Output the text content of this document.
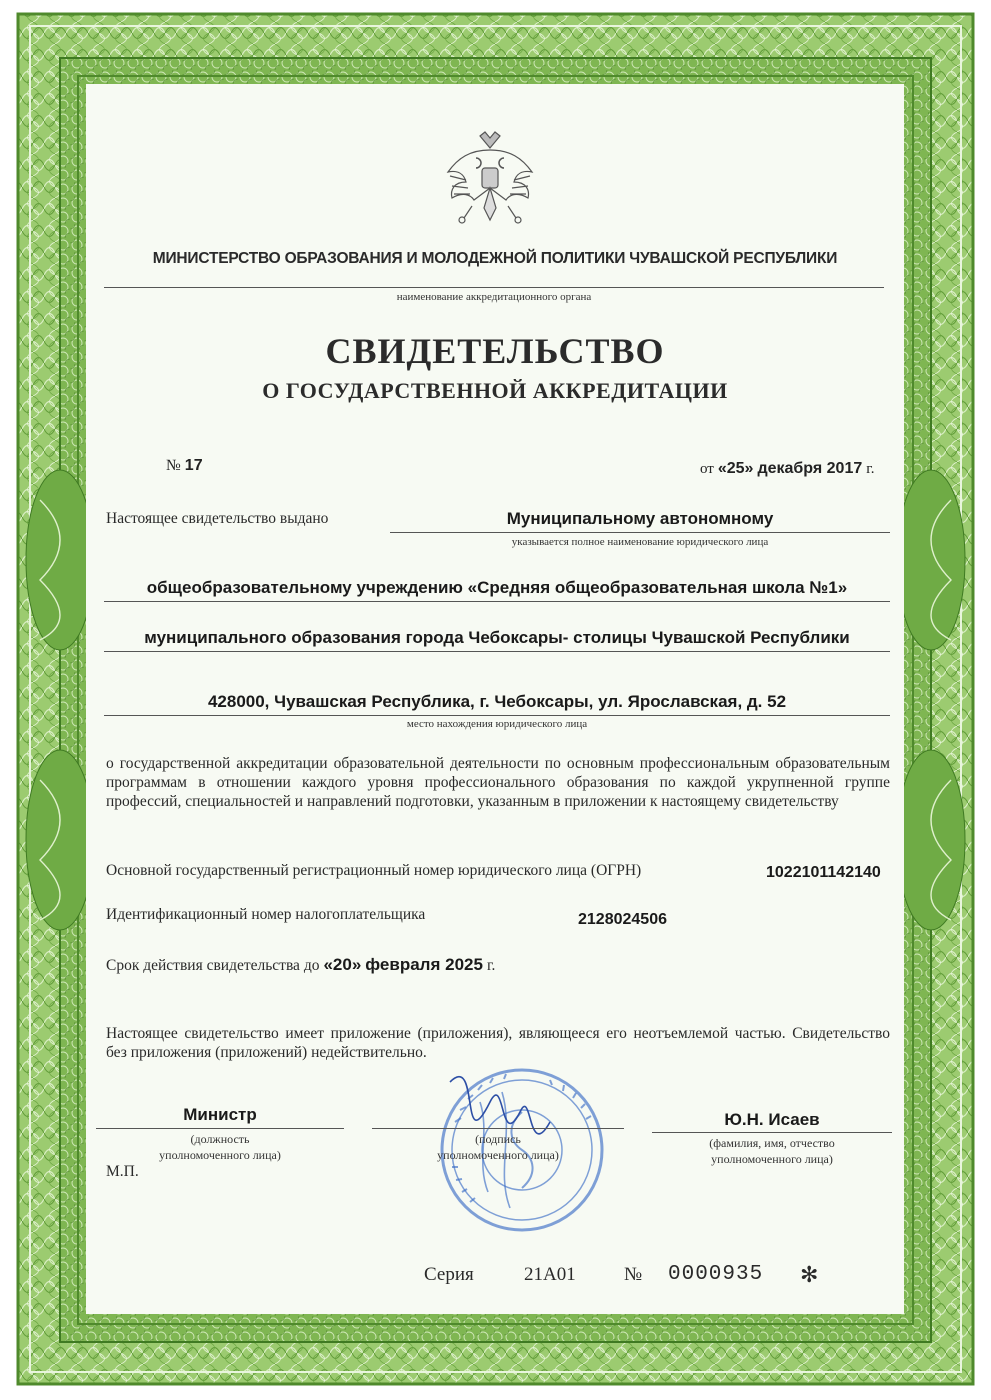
МИНИСТЕРСТВО ОБРАЗОВАНИЯ И МОЛОДЕЖНОЙ ПОЛИТИКИ ЧУВАШСКОЙ РЕСПУБЛИКИ
наименование аккредитационного органа
СВИДЕТЕЛЬСТВО
О ГОСУДАРСТВЕННОЙ АККРЕДИТАЦИИ
№ 17	от «25» декабря 2017 г.
Настоящее свидетельство выдано	Муниципальному автономному
указывается полное наименование юридического лица
общеобразовательному учреждению «Средняя общеобразовательная школа №1»
муниципального образования города Чебоксары- столицы Чувашской Республики
428000, Чувашская Республика, г. Чебоксары, ул. Ярославская, д. 52
место нахождения юридического лица
о государственной аккредитации образовательной деятельности по основным профессиональным образовательным программам в отношении каждого уровня профессионального образования по каждой укрупненной группе профессий, специальностей и направлений подготовки, указанным в приложении к настоящему свидетельству
Основной государственный регистрационный номер юридического лица (ОГРН)	1022101142140
Идентификационный номер налогоплательщика	2128024506
Срок действия свидетельства до «20» февраля 2025 г.
Настоящее свидетельство имеет приложение (приложения), являющееся его неотъемлемой частью. Свидетельство без приложения (приложений) недействительно.
Министр
(должность
уполномоченного лица)
(подпись
уполномоченного лица)
Ю.Н. Исаев
(фамилия, имя, отчество
уполномоченного лица)
М.П.
Серия	21А01	№ 0000935 ✻
